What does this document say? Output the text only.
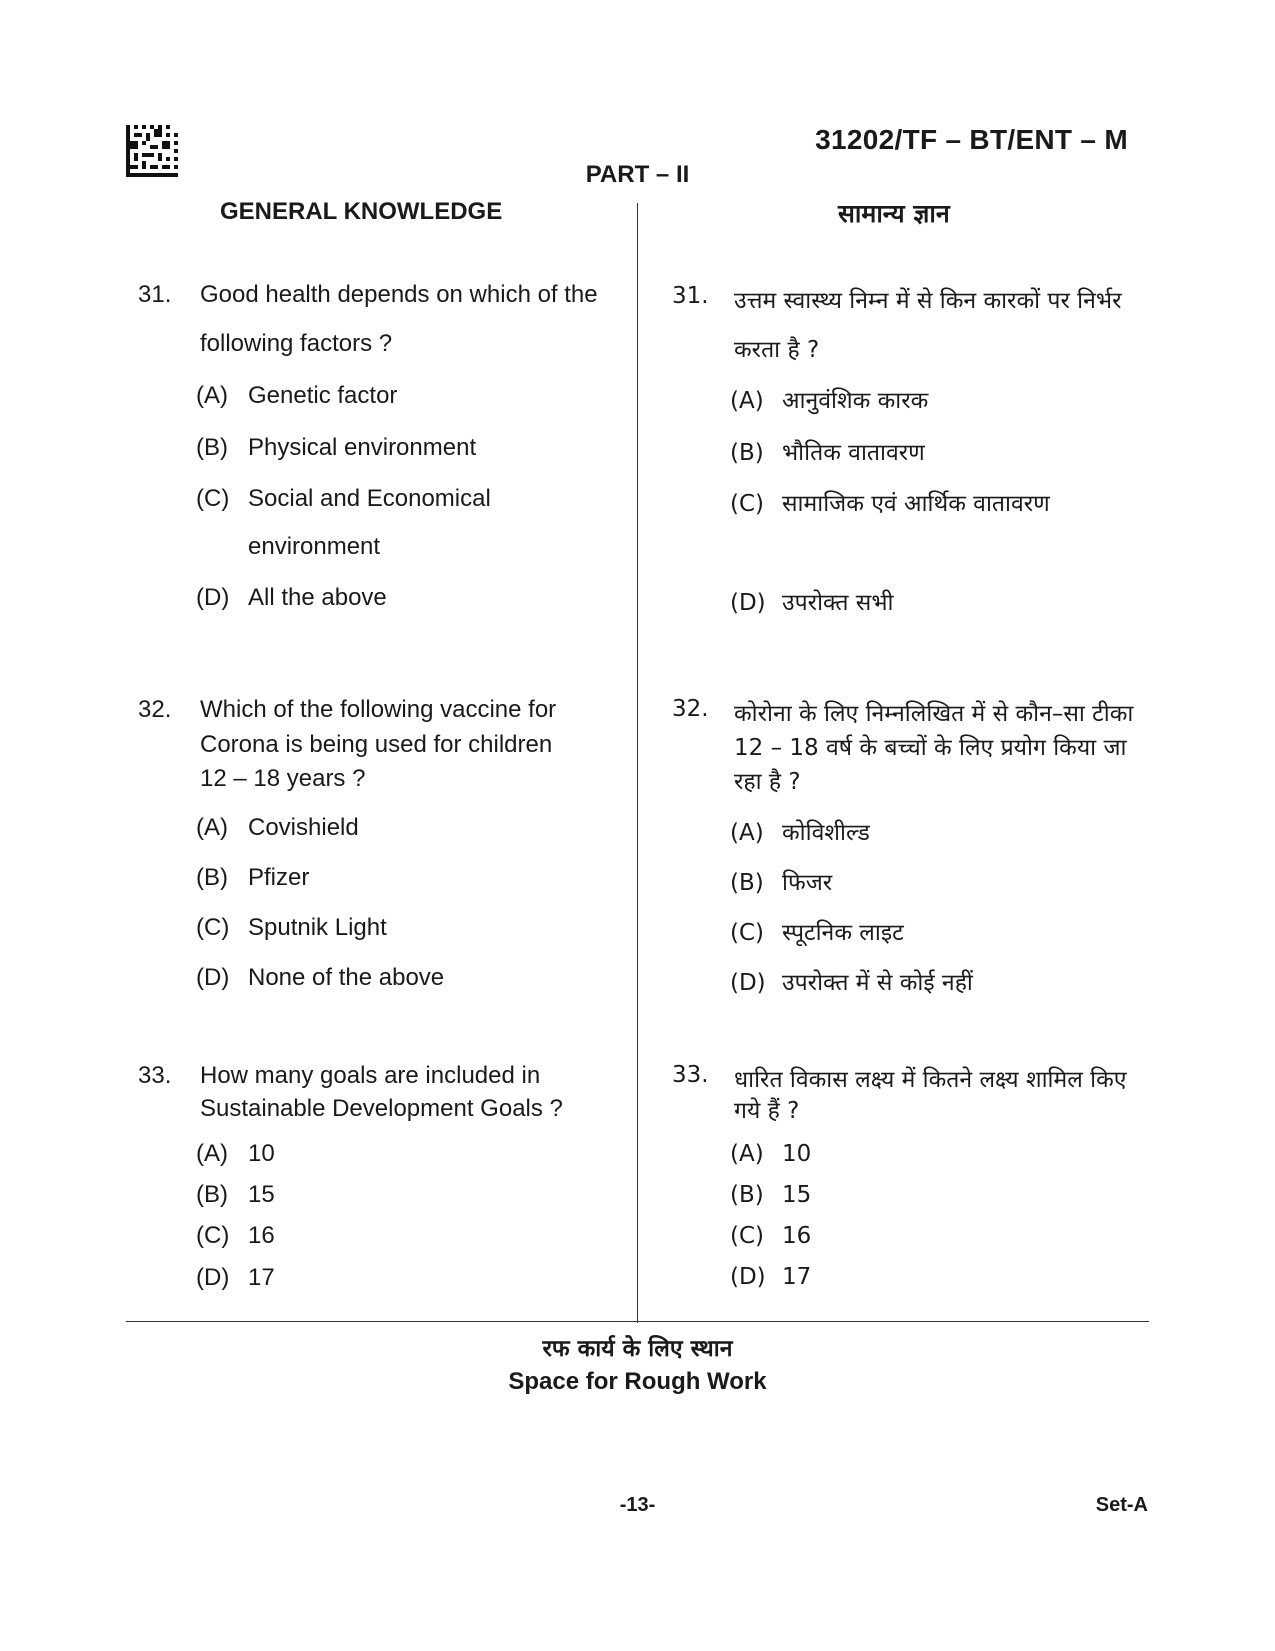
31202/TF – BT/ENT – M
PART – II
GENERAL KNOWLEDGE	सामान्य ज्ञान
31. Good health depends on which of the
following factors ?
(A) Genetic factor
(B) Physical environment
(C) Social and Economical
environment
(D) All the above
32. Which of the following vaccine for
Corona is being used for children
12 – 18 years ?
(A) Covishield
(B) Pfizer
(C) Sputnik Light
(D) None of the above
33. How many goals are included in
Sustainable Development Goals ?
(A) 10
(B) 15
(C) 16
(D) 17
31. उत्तम स्वास्थ्य निम्न में से किन कारकों पर निर्भर
करता है ?
(A) आनुवंशिक कारक
(B) भौतिक वातावरण
(C) सामाजिक एवं आर्थिक वातावरण
(D) उपरोक्त सभी
32. कोरोना के लिए निम्नलिखित में से कौन–सा टीका
12 – 18 वर्ष के बच्चों के लिए प्रयोग किया जा
रहा है ?
(A) कोविशील्ड
(B) फिजर
(C) स्पूटनिक लाइट
(D) उपरोक्त में से कोई नहीं
33. धारित विकास लक्ष्य में कितने लक्ष्य शामिल किए
गये हैं ?
(A) 10
(B) 15
(C) 16
(D) 17
रफ कार्य के लिए स्थान
Space for Rough Work
-13-	Set-A
